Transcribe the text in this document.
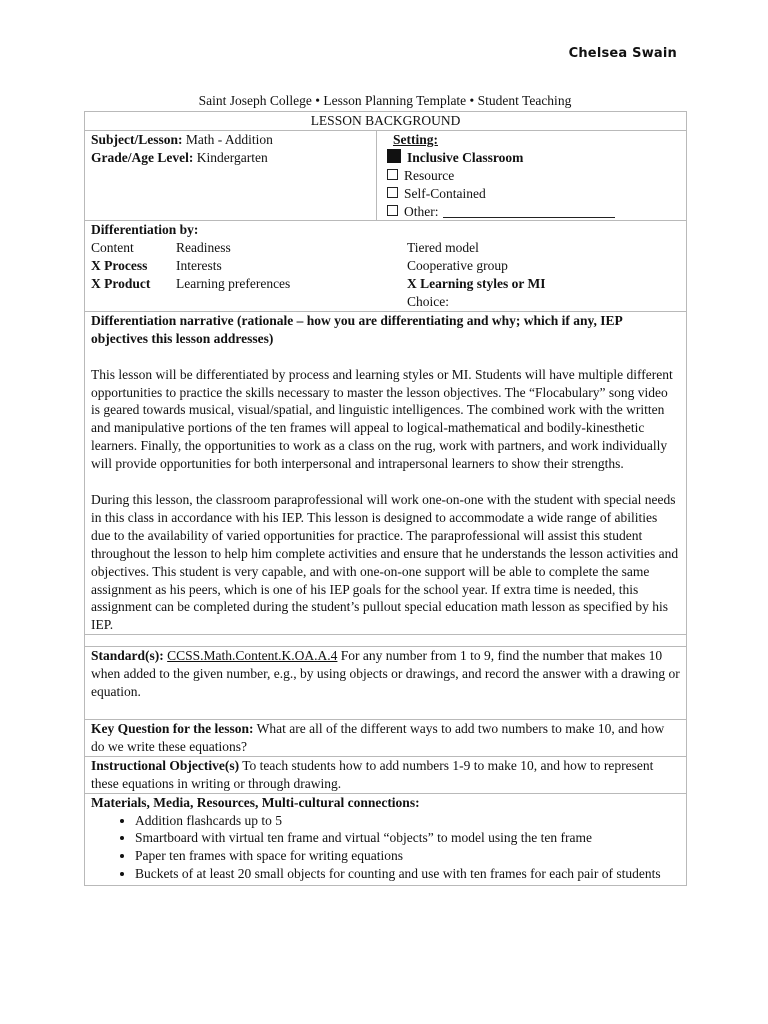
Chelsea Swain
Saint Joseph College • Lesson Planning Template • Student Teaching
LESSON BACKGROUND

Subject/Lesson: Math - Addition
Grade/Age Level: Kindergarten

Setting:
Inclusive Classroom
Resource
Self-Contained
Other:

Differentiation by:
Content	Readiness	Tiered model
X Process	Interests	Cooperative group
X Product	Learning preferences	X Learning styles or MI
Choice:

Differentiation narrative (rationale – how you are differentiating and why; which if any, IEP objectives this lesson addresses)

This lesson will be differentiated by process and learning styles or MI. Students will have multiple different opportunities to practice the skills necessary to master the lesson objectives. The “Flocabulary” song video is geared towards musical, visual/spatial, and linguistic intelligences. The combined work with the written and manipulative portions of the ten frames will appeal to logical-mathematical and bodily-kinesthetic learners. Finally, the opportunities to work as a class on the rug, work with partners, and work individually will provide opportunities for both interpersonal and intrapersonal learners to show their strengths.

During this lesson, the classroom paraprofessional will work one-on-one with the student with special needs in this class in accordance with his IEP. This lesson is designed to accommodate a wide range of abilities due to the availability of varied opportunities for practice. The paraprofessional will assist this student throughout the lesson to help him complete activities and ensure that he understands the lesson activities and objectives. This student is very capable, and with one-on-one support will be able to complete the same assignment as his peers, which is one of his IEP goals for the school year. If extra time is needed, this assignment can be completed during the student’s pullout special education math lesson as specified by his IEP.

Standard(s): CCSS.Math.Content.K.OA.A.4 For any number from 1 to 9, find the number that makes 10 when added to the given number, e.g., by using objects or drawings, and record the answer with a drawing or equation.
Key Question for the lesson: What are all of the different ways to add two numbers to make 10, and how do we write these equations?
Instructional Objective(s) To teach students how to add numbers 1-9 to make 10, and how to represent these equations in writing or through drawing.
Materials, Media, Resources, Multi-cultural connections:
• Addition flashcards up to 5
• Smartboard with virtual ten frame and virtual “objects” to model using the ten frame
• Paper ten frames with space for writing equations
• Buckets of at least 20 small objects for counting and use with ten frames for each pair of students
